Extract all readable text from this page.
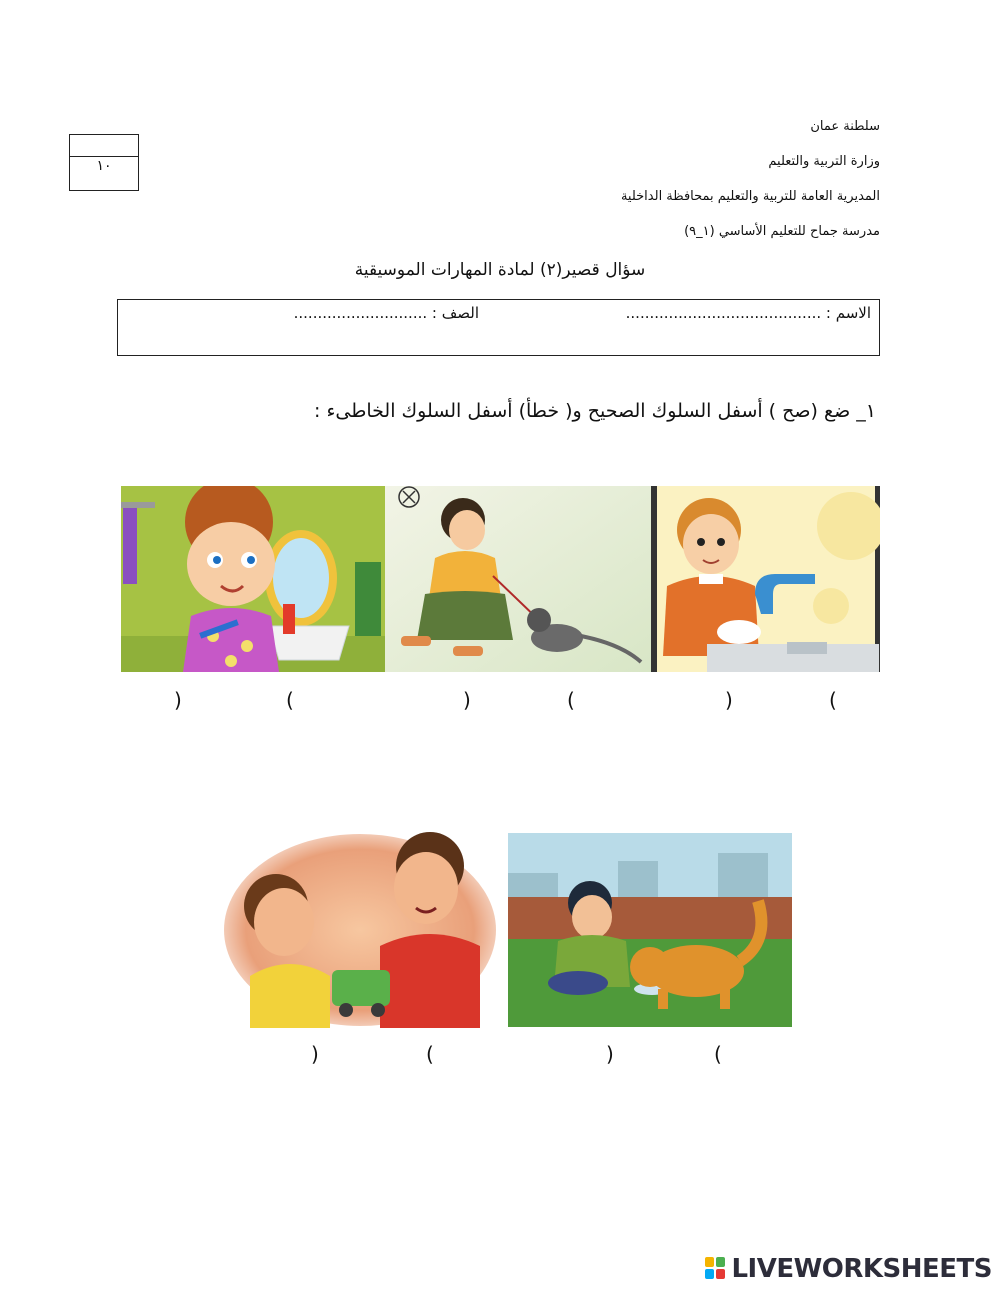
سلطنة عمان
وزارة التربية والتعليم
المديرية العامة للتربية والتعليم بمحافظة الداخلية
مدرسة جماح للتعليم الأساسي (١_٩)
١٠
سؤال قصير(٢) لمادة المهارات الموسيقية
الاسم : .........................................
الصف : ............................
١_ ضع (صح ) أسفل السلوك الصحيح و( خطأ) أسفل السلوك الخاطىء :
)	(	)	(	)	(
)	(	)	(
LIVEWORKSHEETS
